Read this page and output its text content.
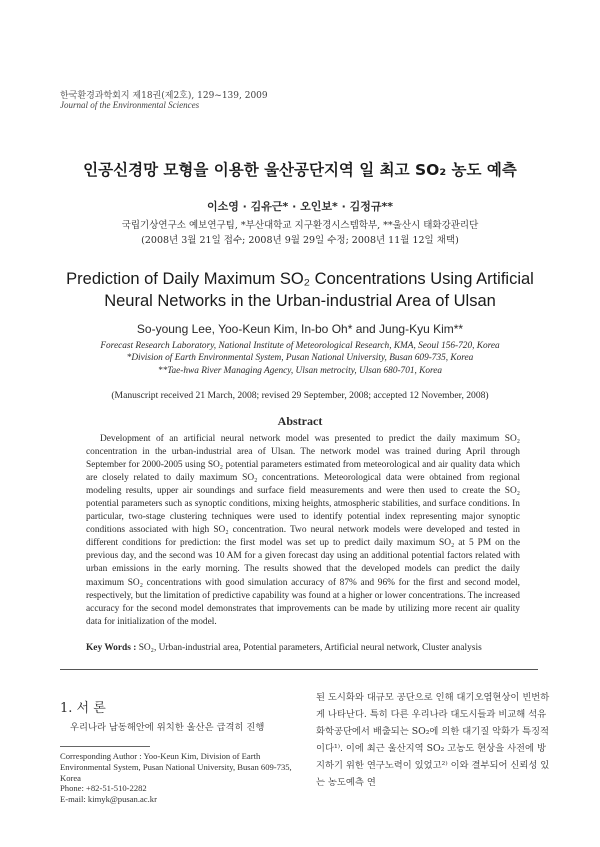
한국환경과학회지 제18권(제2호), 129~139, 2009
Journal of the Environmental Sciences
인공신경망 모형을 이용한 울산공단지역 일 최고 SO₂ 농도 예측
이소영 · 김유근* · 오인보* · 김정규**
국립기상연구소 예보연구팀, *부산대학교 지구환경시스템학부, **울산시 태화강관리단
(2008년 3월 21일 접수; 2008년 9월 29일 수정; 2008년 11월 12일 채택)
Prediction of Daily Maximum SO₂ Concentrations Using Artificial
Neural Networks in the Urban-industrial Area of Ulsan
So-young Lee, Yoo-Keun Kim, In-bo Oh* and Jung-Kyu Kim**
Forecast Research Laboratory, National Institute of Meteorological Research, KMA, Seoul 156-720, Korea
*Division of Earth Environmental System, Pusan National University, Busan 609-735, Korea
**Tae-hwa River Managing Agency, Ulsan metrocity, Ulsan 680-701, Korea
(Manuscript received 21 March, 2008; revised 29 September, 2008; accepted 12 November, 2008)
Abstract
Development of an artificial neural network model was presented to predict the daily maximum SO₂ concentration in the urban-industrial area of Ulsan. The network model was trained during April through September for 2000-2005 using SO₂ potential parameters estimated from meteorological and air quality data which are closely related to daily maximum SO₂ concentrations. Meteorological data were obtained from regional modeling results, upper air soundings and surface field measurements and were then used to create the SO₂ potential parameters such as synoptic conditions, mixing heights, atmospheric stabilities, and surface conditions. In particular, two-stage clustering techniques were used to identify potential index representing major synoptic conditions associated with high SO₂ concentration. Two neural network models were developed and tested in different conditions for prediction: the first model was set up to predict daily maximum SO₂ at 5 PM on the previous day, and the second was 10 AM for a given forecast day using an additional potential factors related with urban emissions in the early morning. The results showed that the developed models can predict the daily maximum SO₂ concentrations with good simulation accuracy of 87% and 96% for the first and second model, respectively, but the limitation of predictive capability was found at a higher or lower concentrations. The increased accuracy for the second model demonstrates that improvements can be made by utilizing more recent air quality data for initialization of the model.
Key Words : SO₂, Urban-industrial area, Potential parameters, Artificial neural network, Cluster analysis
1. 서 론
우리나라 남동해안에 위치한 울산은 급격히 진행
된 도시화와 대규모 공단으로 인해 대기오염현상이 빈번하게 나타난다. 특히 다른 우리나라 대도시들과 비교해 석유화학공단에서 배출되는 SO₂에 의한 대기질 악화가 특징적이다¹⁾. 이에 최근 울산지역 SO₂ 고농도 현상을 사전에 방지하기 위한 연구노력이 있었고²⁾ 이와 결부되어 신뢰성 있는 농도예측 연
Corresponding Author : Yoo-Keun Kim, Division of Earth Environmental System, Pusan National University, Busan 609-735, Korea
Phone: +82-51-510-2282
E-mail: kimyk@pusan.ac.kr
